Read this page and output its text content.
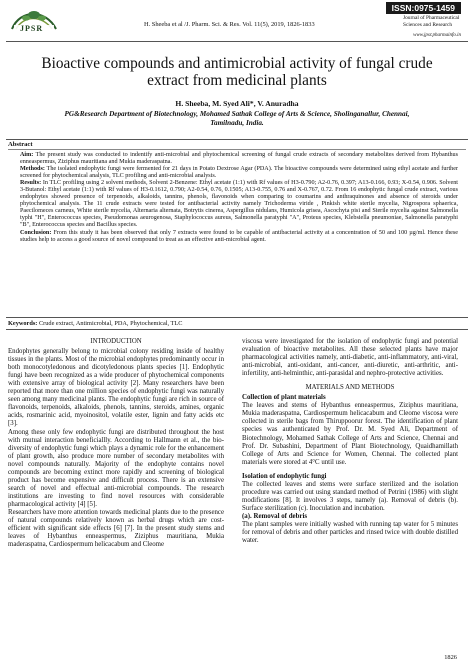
JPSR	H. Sheeba et al /J. Pharm. Sci. & Res. Vol. 11(5), 2019, 1826-1833
ISSN:0975-1459
Journal of Pharmaceutical
Sciences and Research
www.jpsr.pharmainfo.in
Bioactive compounds and antimicrobial activity of fungal crude extract from medicinal plants
H. Sheeba, M. Syed Ali*, V. Anuradha
PG&Research Department of Biotechnology, Mohamed Sathak College of Arts & Science, Sholinganallur, Chennai, Tamilnadu, India.
Abstract

Aim: The present study was conducted to indentify anti-microbial and phytochemical screening of fungal crude extracts of secondary metabolites derived from Hybanthus enneaspermus, Ziziphus mauritiana and Mukia maderaspatna.

Methods: The isolated endophytic fungi were fermented for 21 days in Potato Dextrose Agar (PDA). The bioactive compounds were determined using ethyl acetate and further screened for phytochemical analysis, TLC profiling and anti-microbial analysis.

Results: In TLC profiling using 2 solvent methods, Solvent 2-Benzene: Ethyl acetate (1:1) with Rf values of H3-0.790; A2-0.76, 0.397; A13-0.166, 0.93; X-0.54, 0.906. Solvent 3-Butanol: Ethyl acetate (1:1) with Rf values of H3-0.1612, 0.790; A2-0.54, 0.76, 0.1505; A13-0.755, 0.76 and X-0.767, 0.72. From 16 endophytic fungal crude extract, various endophytes showed presence of terpenoids, alkaloids, tannins, phenols, flavonoids when comparing to coumarins and anthraquinones and absence of steroids under phytochemical analysis. The 11 crude extracts were tested for antibacterial activity namely Trichoderma viride , Pinkish white sterile mycelia, Nigrospora sphaerica, Paecilomeces carneus, White sterile mycelia, Alternaria alternata, Botrytis cinerea, Aspergillus nidulans, Humicola grisea, Ascochyta pisi and Sterile mycelia against Salmonella typhi "H", Enterococcus species, Pseudomonas aeurogenosa, Staphylococcus aureus, Salmonella paratyphi "A", Proteus species, Klebsiella pneumoniae, Salmonella paratyphi "B", Enterococcus species and Bacillus species.

Conclusion: From this study it has been observed that only 7 extracts were found to be capable of antibacterial activity at a concentration of 50 and 100 µg/ml. Hence these studies help to access a good source of novel compound to treat as an effective anti-microbial agent.

Keywords: Crude extract, Antimicrobial, PDA, Phytochemical, TLC
INTRODUCTION

Endophytes generally belong to microbial colony residing inside of healthy tissues in the plants. Most of the microbial endophytes predominantly occur in both monocotyledonous and dicotyledonous plants species [1]. Endophytic fungi have been recognized as a wide producer of phytochemical components with extensive array of biological activity [2]. Many researchers have been reported that more than one million species of endophytic fungi was naturally seen among many medicinal plants. The endophytic fungi are rich in source of flavonoids, terpenoids, alkaloids, phenols, tannins, steroids, amines, organic acids, rosmarinic acid, myoinositol, volatile ester, lignin and fatty acids etc [3].

Among these only few endophytic fungi are distributed throughout the host with mutual interaction beneficiallly. According to Hallmann et al., the bio-diversity of endophytic fungi which plays a dynamic role for the enhancement of plant growth, also produce more number of secondary metabolites with novel compounds naturally. Majority of the endophyte contains novel compounds are becoming extinct more rapidly and screening of biological product has become expensive and difficult process. There is an extensive search of novel and effectual anti-microbial compounds. The research institutions are investing to find novel resources with considerable pharmacological activity [4] [5].

Researchers have more attention towards medicinal plants due to the presence of natural compounds relatively known as herbal drugs which are cost-efficient with significant side effects [6] [7]. In the present study stems and leaves of Hybanthus enneaspermus, Ziziphus mauritiana, Mukia maderaspatna, Cardiospermum helicacabum and Cleome

viscosa were investigated for the isolation of endophytic fungi and potential evaluation of bioactive metabolites. All these selected plants have major pharmacological activities namely, anti-diabetic, anti-inflammatory, anti-viral, anti-microbial, anti-oxidant, anti-cancer, anti-diuretic, anti-arthritic, anti-infertility, anti-helminthic, anti-parasidal and nephro-protective activities.

MATERIALS AND METHODS

Collection of plant materials

The leaves and stems of Hybanthus enneaspermus, Ziziphus mauritiana, Mukia maderaspatna, Cardiospermum helicacabum and Cleome viscosa were collected in sterile bags from Thiruppoorur forest. The identification of plant species was authenticated by Prof. Dr. M. Syed Ali, Department of Biotechnology, Mohamed Sathak College of Arts and Science, Chennai and Prof. Dr. Subashini, Department of Plant Biotechnology, Quaidhamillath College of Arts and Science for Women, Chennai. The collected plant materials were stored at 4°C until use.

Isolation of endophytic fungi

The collected leaves and stems were surface sterilized and the isolation procedure was carried out using standard method of Petrini (1986) with slight modifications [8]. It involves 3 steps, namely (a). Removal of debris (b). Surface sterilization (c). Inoculation and incubation.

(a). Removal of debris

The plant samples were initially washed with running tap water for 5 minutes for removal of debris and other particles and rinsed twice with double distilled water.

1826
